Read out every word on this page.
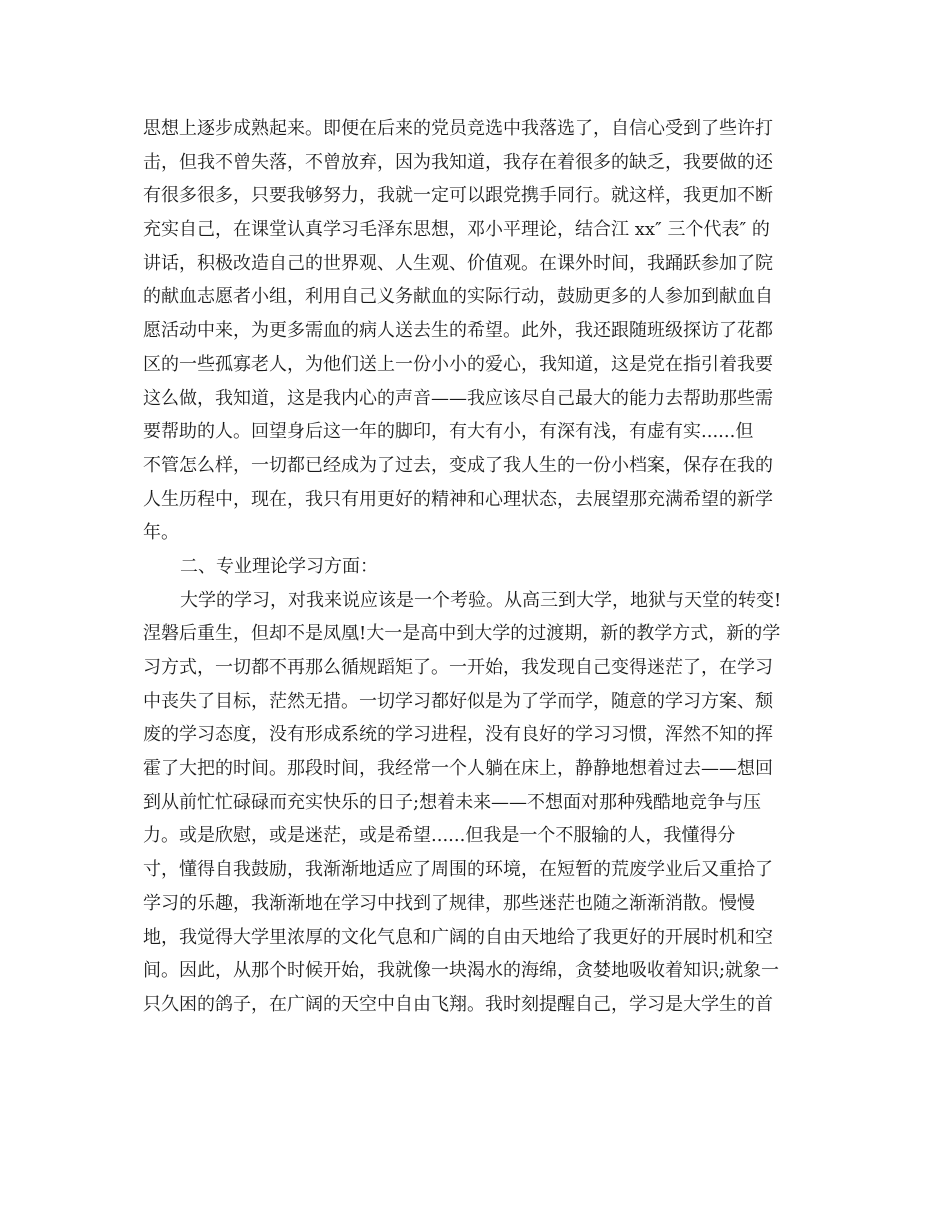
思想上逐步成熟起来。即便在后来的党员竞选中我落选了，自信心受到了些许打
击，但我不曾失落，不曾放弃，因为我知道，我存在着很多的缺乏，我要做的还
有很多很多，只要我够努力，我就一定可以跟党携手同行。就这样，我更加不断
充实自己，在课堂认真学习毛泽东思想，邓小平理论，结合江 xx″ 三个代表″ 的
讲话，积极改造自己的世界观、人生观、价值观。在课外时间，我踊跃参加了院
的献血志愿者小组，利用自己义务献血的实际行动，鼓励更多的人参加到献血自
愿活动中来，为更多需血的病人送去生的希望。此外，我还跟随班级探访了花都
区的一些孤寡老人，为他们送上一份小小的爱心，我知道，这是党在指引着我要
这么做，我知道，这是我内心的声音——我应该尽自己最大的能力去帮助那些需
要帮助的人。回望身后这一年的脚印，有大有小，有深有浅，有虚有实......但
不管怎么样，一切都已经成为了过去，变成了我人生的一份小档案，保存在我的
人生历程中，现在，我只有用更好的精神和心理状态，去展望那充满希望的新学
年。
二、专业理论学习方面：
大学的学习，对我来说应该是一个考验。从高三到大学，地狱与天堂的转变!
涅磐后重生，但却不是凤凰!大一是高中到大学的过渡期，新的教学方式，新的学
习方式，一切都不再那么循规蹈矩了。一开始，我发现自己变得迷茫了，在学习
中丧失了目标，茫然无措。一切学习都好似是为了学而学，随意的学习方案、颓
废的学习态度，没有形成系统的学习进程，没有良好的学习习惯，浑然不知的挥
霍了大把的时间。那段时间，我经常一个人躺在床上，静静地想着过去——想回
到从前忙忙碌碌而充实快乐的日子;想着未来——不想面对那种残酷地竞争与压
力。或是欣慰，或是迷茫，或是希望......但我是一个不服输的人，我懂得分
寸，懂得自我鼓励，我渐渐地适应了周围的环境，在短暂的荒废学业后又重拾了
学习的乐趣，我渐渐地在学习中找到了规律，那些迷茫也随之渐渐消散。慢慢
地，我觉得大学里浓厚的文化气息和广阔的自由天地给了我更好的开展时机和空
间。因此，从那个时候开始，我就像一块渴水的海绵，贪婪地吸收着知识;就象一
只久困的鸽子，在广阔的天空中自由飞翔。我时刻提醒自己，学习是大学生的首
